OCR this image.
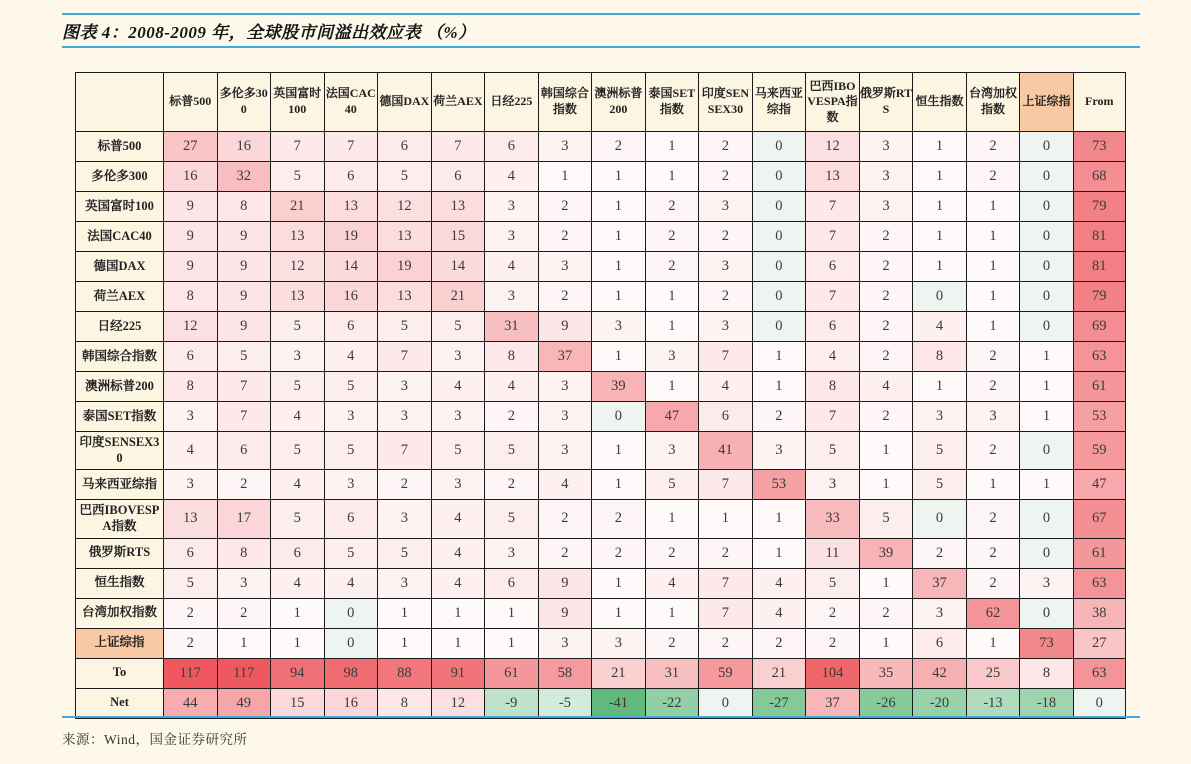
图表 4：2008-2009 年，全球股市间溢出效应表 （%）
	标普500	多伦多300	英国富时100	法国CAC40	德国DAX	荷兰AEX	日经225	韩国综合指数	澳洲标普200	泰国SET指数	印度SENSEX30	马来西亚综指	巴西IBOVESPA指数	俄罗斯RTS	恒生指数	台湾加权指数	上证综指	From
标普500	27	16	7	7	6	7	6	3	2	1	2	0	12	3	1	2	0	73
多伦多300	16	32	5	6	5	6	4	1	1	1	2	0	13	3	1	2	0	68
英国富时100	9	8	21	13	12	13	3	2	1	2	3	0	7	3	1	1	0	79
法国CAC40	9	9	13	19	13	15	3	2	1	2	2	0	7	2	1	1	0	81
德国DAX	9	9	12	14	19	14	4	3	1	2	3	0	6	2	1	1	0	81
荷兰AEX	8	9	13	16	13	21	3	2	1	1	2	0	7	2	0	1	0	79
日经225	12	9	5	6	5	5	31	9	3	1	3	0	6	2	4	1	0	69
韩国综合指数	6	5	3	4	7	3	8	37	1	3	7	1	4	2	8	2	1	63
澳洲标普200	8	7	5	5	3	4	4	3	39	1	4	1	8	4	1	2	1	61
泰国SET指数	3	7	4	3	3	3	2	3	0	47	6	2	7	2	3	3	1	53
印度SENSEX30	4	6	5	5	7	5	5	3	1	3	41	3	5	1	5	2	0	59
马来西亚综指	3	2	4	3	2	3	2	4	1	5	7	53	3	1	5	1	1	47
巴西IBOVESPA指数	13	17	5	6	3	4	5	2	2	1	1	1	33	5	0	2	0	67
俄罗斯RTS	6	8	6	5	5	4	3	2	2	2	2	1	11	39	2	2	0	61
恒生指数	5	3	4	4	3	4	6	9	1	4	7	4	5	1	37	2	3	63
台湾加权指数	2	2	1	0	1	1	1	9	1	1	7	4	2	2	3	62	0	38
上证综指	2	1	1	0	1	1	1	3	3	2	2	2	2	1	6	1	73	27
To	117	117	94	98	88	91	61	58	21	31	59	21	104	35	42	25	8	63
Net	44	49	15	16	8	12	-9	-5	-41	-22	0	-27	37	-26	-20	-13	-18	0
来源：Wind，国金证券研究所
